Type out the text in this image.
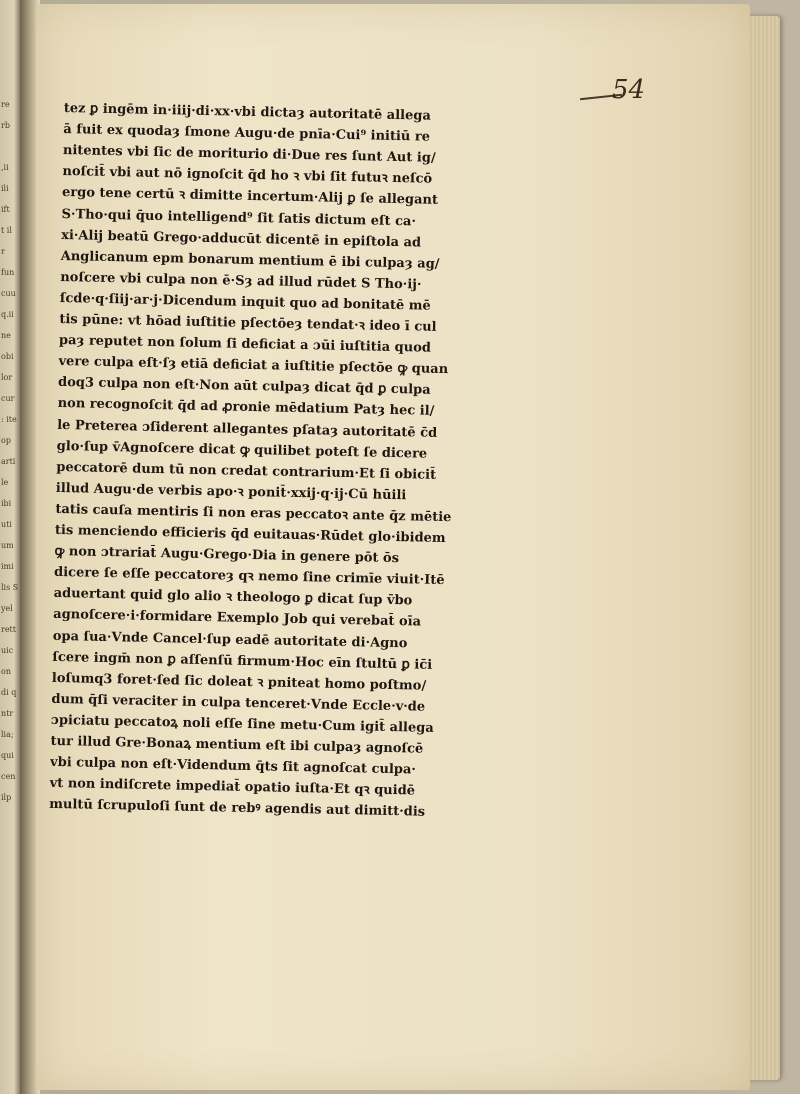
re
rb
,ii
ili
ift
t il
r
fun
cuu
q.ii
ne
obi
lor
cur
: ite
op
arti
le
ibi
uti
um
imi
lis S
yel
rett
uic
on
di q
ntr
lia;
qui
cen
ilp
54
tez ꝑ ingēm in·iiij·di·xx·vbi dictaȝ autoritatē allega
ā fuit ex quodaȝ ſmone Augu·de pnīa·Cui⁹ initiū re
nitentes vbi ſic de moriturio di·Due res ſunt Aut ig/
noſcit̄ vbi aut nō ignoſcit q̄d ho ꝛ vbi ſit futuꝛ neſcō
ergo tene certū ꝛ dimitte incertum·Alij ꝑ ſe allegant
S·Tho·qui q̄uo intelligend⁹ ſit ſatis dictum eſt ca·
xi·Alij beatū Grego·adducūt dicentē in epiſtola ad
Anglicanum epm bonarum mentium ē ibi culpaȝ ag/
noſcere vbi culpa non ē·Sȝ ad illud rūdet S Tho·ij·
ſcde·q·ſiij·ar·j·Dicendum inquit quo ad bonitatē mē
tis pūne: vt hōad iuſtitie pſectōeȝ tendat·ꝛ ideo ī cul
paȝ reputet non ſolum ſi deficiat a ɔūi iuſtitia quod
vere culpa eſt·ſȝ etiā deficiat a iuſtitie pſectōe ꝙ quan
doq3 culpa non eſt·Non aūt culpaȝ dicat q̄d ꝑ culpa
non recognoſcit q̄d ad ꝓronie mēdatium Patȝ hec il/
le Preterea ɔſiderent allegantes pſataȝ autoritatē c̄d
glo·ſup v̄Agnoſcere dicat ꝙ quilibet poteſt ſe dicere
peccatorē dum tū non credat contrarium·Et ſi obicit̄
illud Augu·de verbis apo·ꝛ ponit̄·xxij·q·ij·Cū hūili
tatis cauſa mentiris ſi non eras peccatoꝛ ante q̄z mētie
tis menciendo efficieris q̄d euitauas·Rūdet glo·ibidem
ꝙ non ɔtrariat̄ Augu·Grego·Dia in genere pōt ōs
dicere ſe eſſe peccatoreȝ qꝛ nemo ſine crimīe viuit·Itē
aduertant quid glo alio ꝛ theologo ꝑ dicat ſup v̄bo
agnoſcere·i·formidare Exemplo Job qui verebat̄ oīa
opa ſua·Vnde Cancel·ſup eadē autoritate di·Agno
ſcere ingm̄ non ꝑ aſſenſū firmum·Hoc eīn ſtultū ꝑ ic̄i
loſumq3 foret·ſed ſic doleat ꝛ pniteat homo poſtmo/
dum q̄ſi veraciter in culpa tenceret·Vnde Eccle·v·de
ɔpiciatu peccatoꝝ noli eſſe ſine metu·Cum igit̄ allega
tur illud Gre·Bonaꝝ mentium eſt ibi culpaȝ agnoſcē
vbi culpa non eſt·Videndum q̄ts ſit agnoſcat culpa·
vt non indiſcrete impediat̄ opatio iuſta·Et qꝛ quidē
multū ſcrupuloſi ſunt de rebꝰ agendis aut dimitt·dis
